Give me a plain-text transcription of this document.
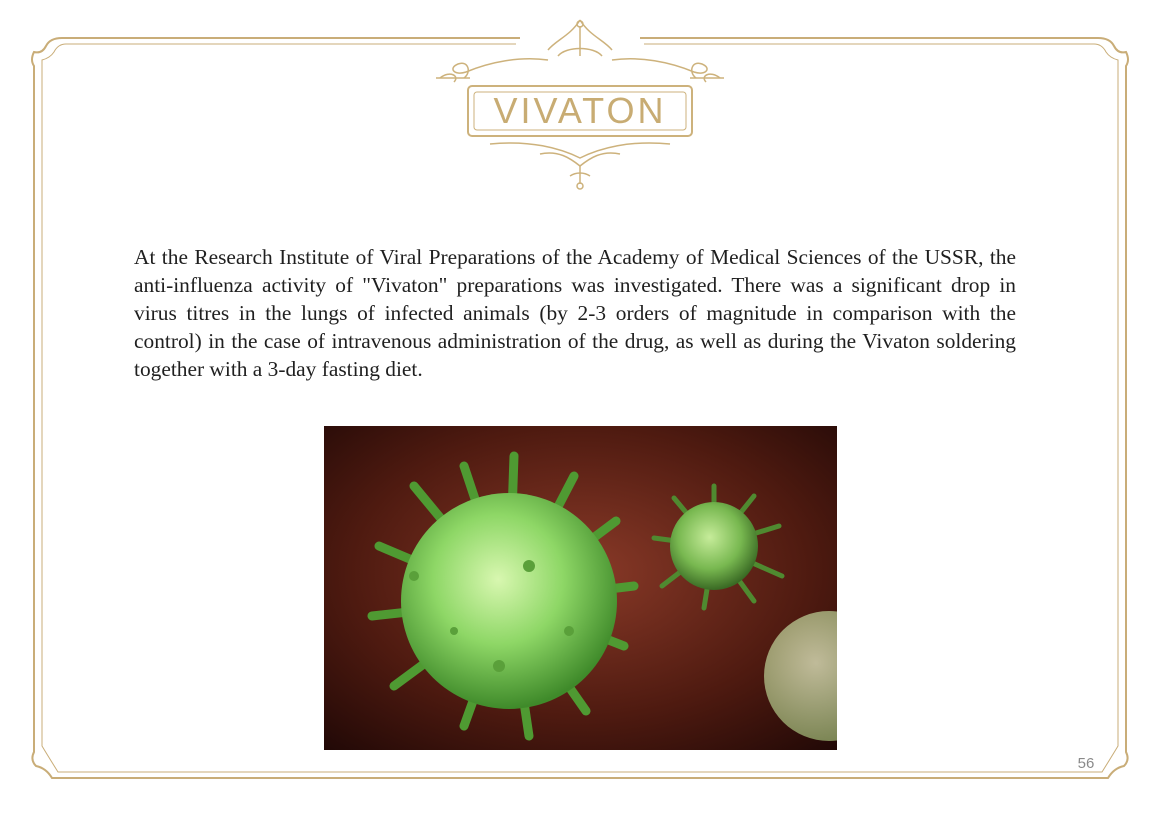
VIVATON
At the Research Institute of Viral Preparations of the Academy of Medical Sciences of the USSR, the anti-influenza activity of "Vivaton" preparations was investigated. There was a significant drop in virus titres in the lungs of infected animals (by 2-3 orders of magnitude in comparison with the control) in the case of intravenous administration of the drug, as well as during the Vivaton soldering together with a 3-day fasting diet.
56
